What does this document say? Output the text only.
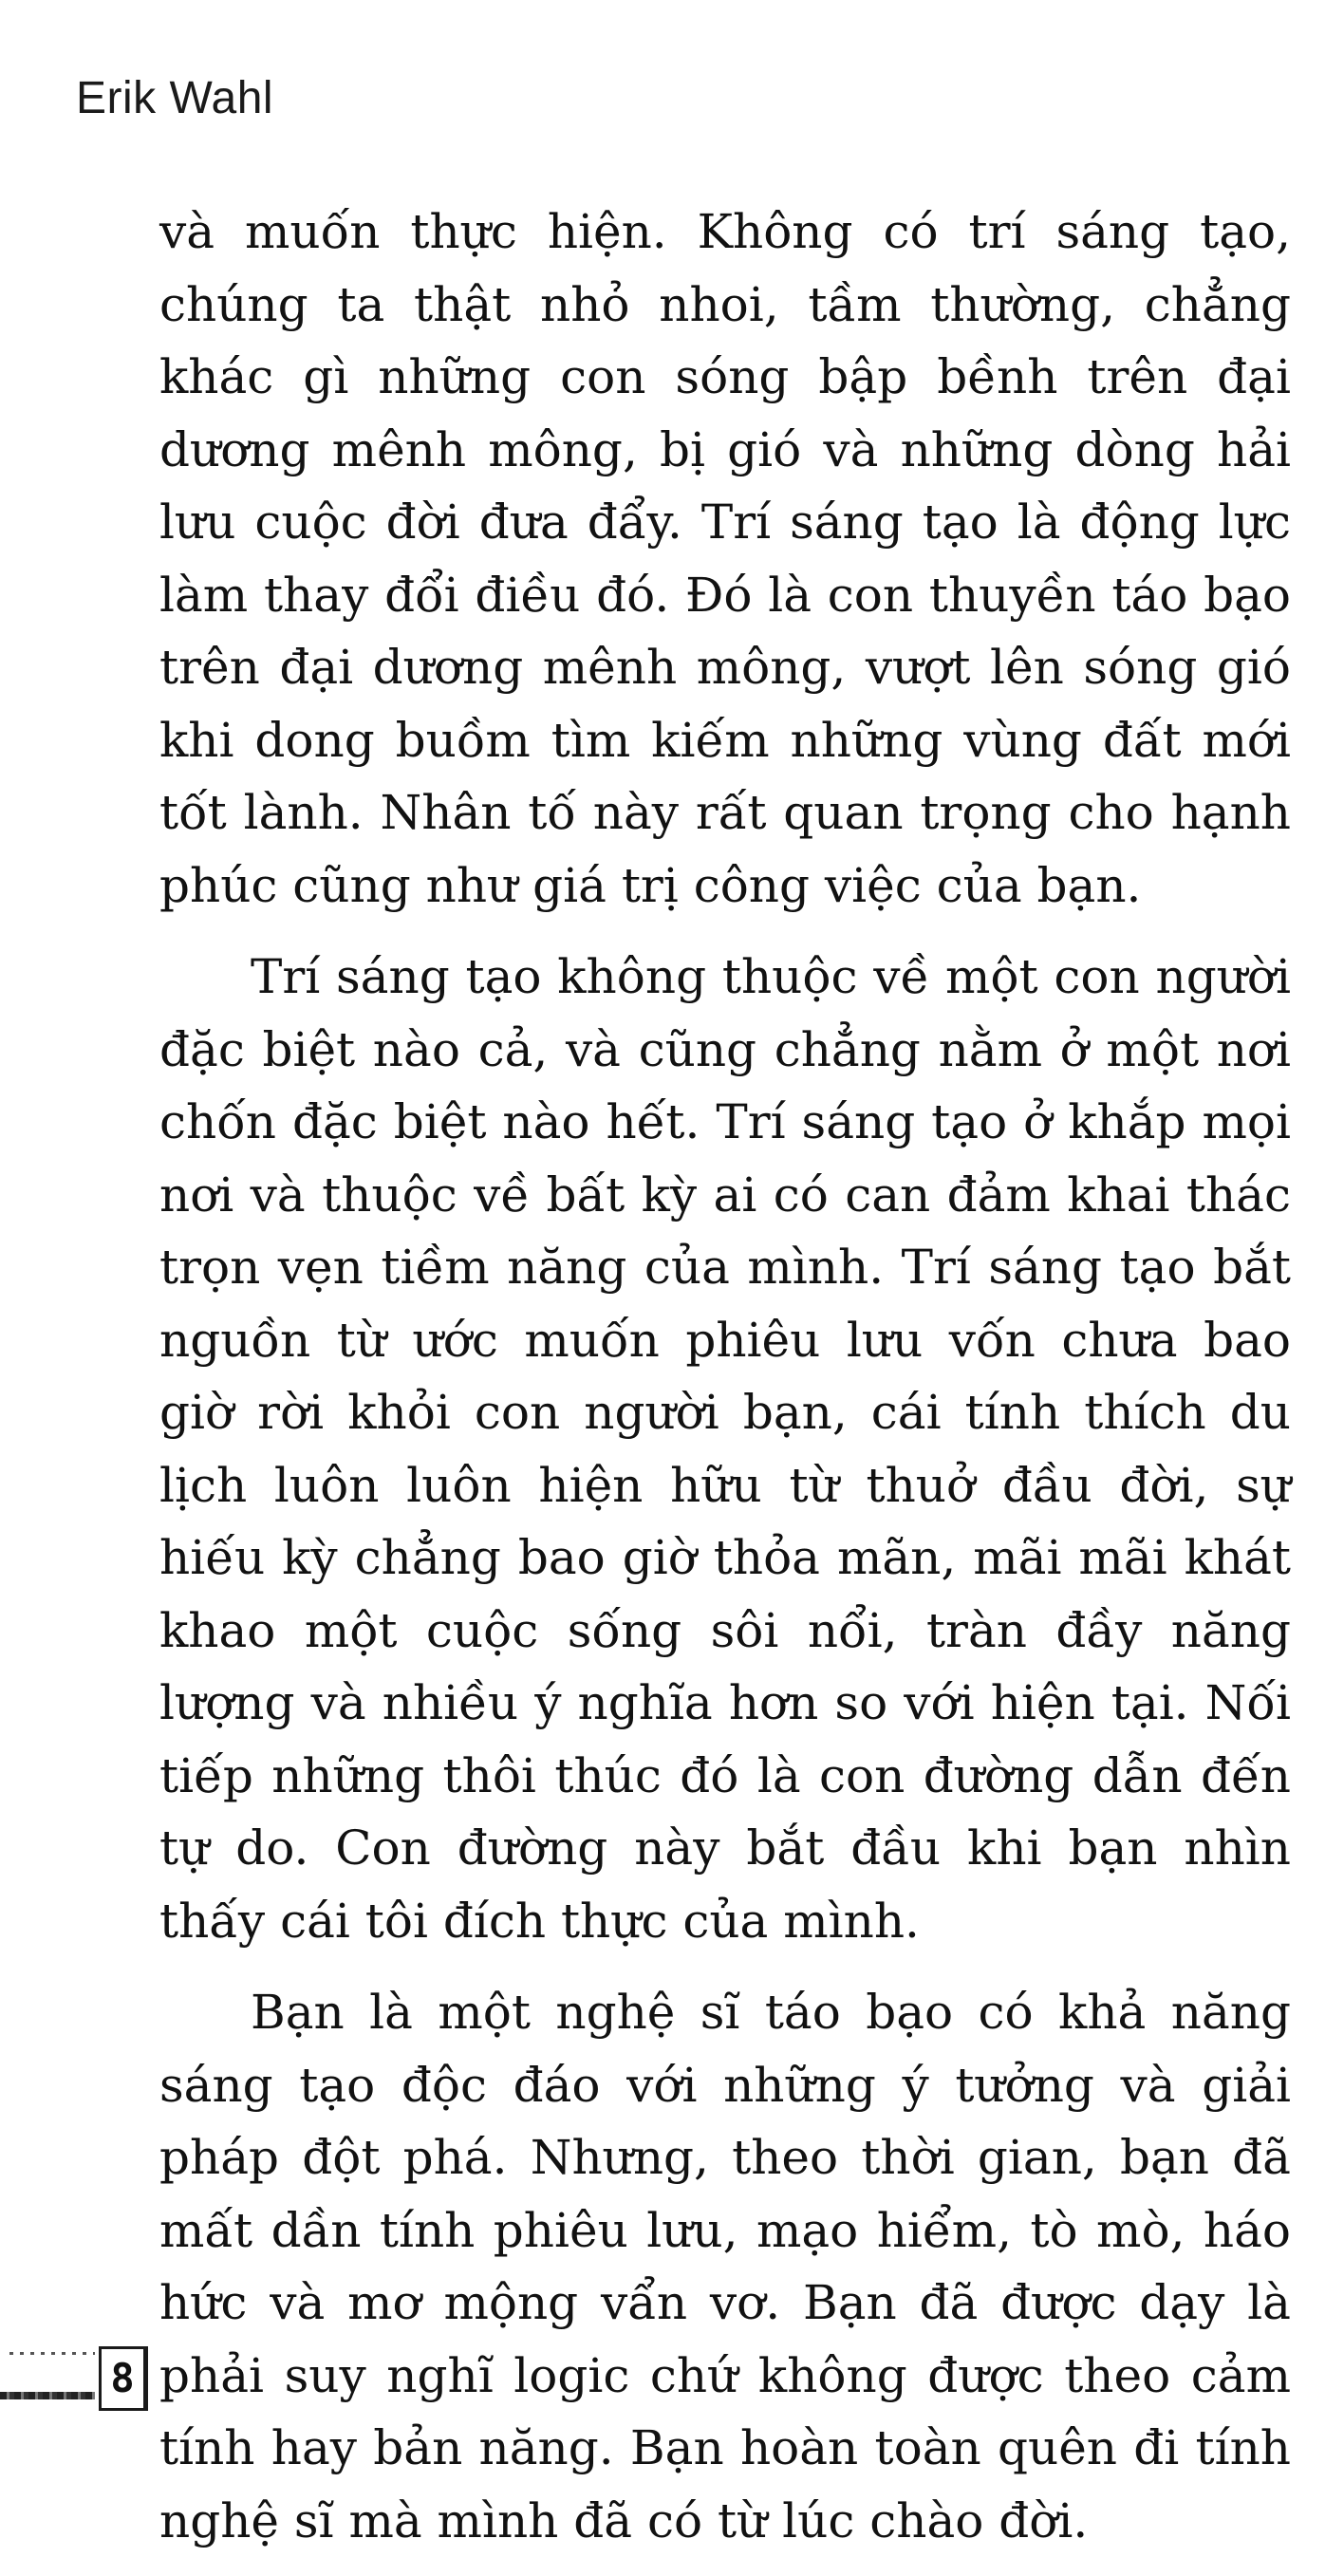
Erik Wahl

và muốn thực hiện. Không có trí sáng tạo, chúng ta thật nhỏ nhoi, tầm thường, chẳng khác gì những con sóng bập bềnh trên đại dương mênh mông, bị gió và những dòng hải lưu cuộc đời đưa đẩy. Trí sáng tạo là động lực làm thay đổi điều đó. Đó là con thuyền táo bạo trên đại dương mênh mông, vượt lên sóng gió khi dong buồm tìm kiếm những vùng đất mới tốt lành. Nhân tố này rất quan trọng cho hạnh phúc cũng như giá trị công việc của bạn.

Trí sáng tạo không thuộc về một con người đặc biệt nào cả, và cũng chẳng nằm ở một nơi chốn đặc biệt nào hết. Trí sáng tạo ở khắp mọi nơi và thuộc về bất kỳ ai có can đảm khai thác trọn vẹn tiềm năng của mình. Trí sáng tạo bắt nguồn từ ước muốn phiêu lưu vốn chưa bao giờ rời khỏi con người bạn, cái tính thích du lịch luôn luôn hiện hữu từ thuở đầu đời, sự hiếu kỳ chẳng bao giờ thỏa mãn, mãi mãi khát khao một cuộc sống sôi nổi, tràn đầy năng lượng và nhiều ý nghĩa hơn so với hiện tại. Nối tiếp những thôi thúc đó là con đường dẫn đến tự do. Con đường này bắt đầu khi bạn nhìn thấy cái tôi đích thực của mình.

Bạn là một nghệ sĩ táo bạo có khả năng sáng tạo độc đáo với những ý tưởng và giải pháp đột phá. Nhưng, theo thời gian, bạn đã mất dần tính phiêu lưu, mạo hiểm, tò mò, háo hức và mơ mộng vẩn vơ. Bạn đã được dạy là phải suy nghĩ logic chứ không được theo cảm tính hay bản năng. Bạn hoàn toàn quên đi tính nghệ sĩ mà mình đã có từ lúc chào đời.

8
